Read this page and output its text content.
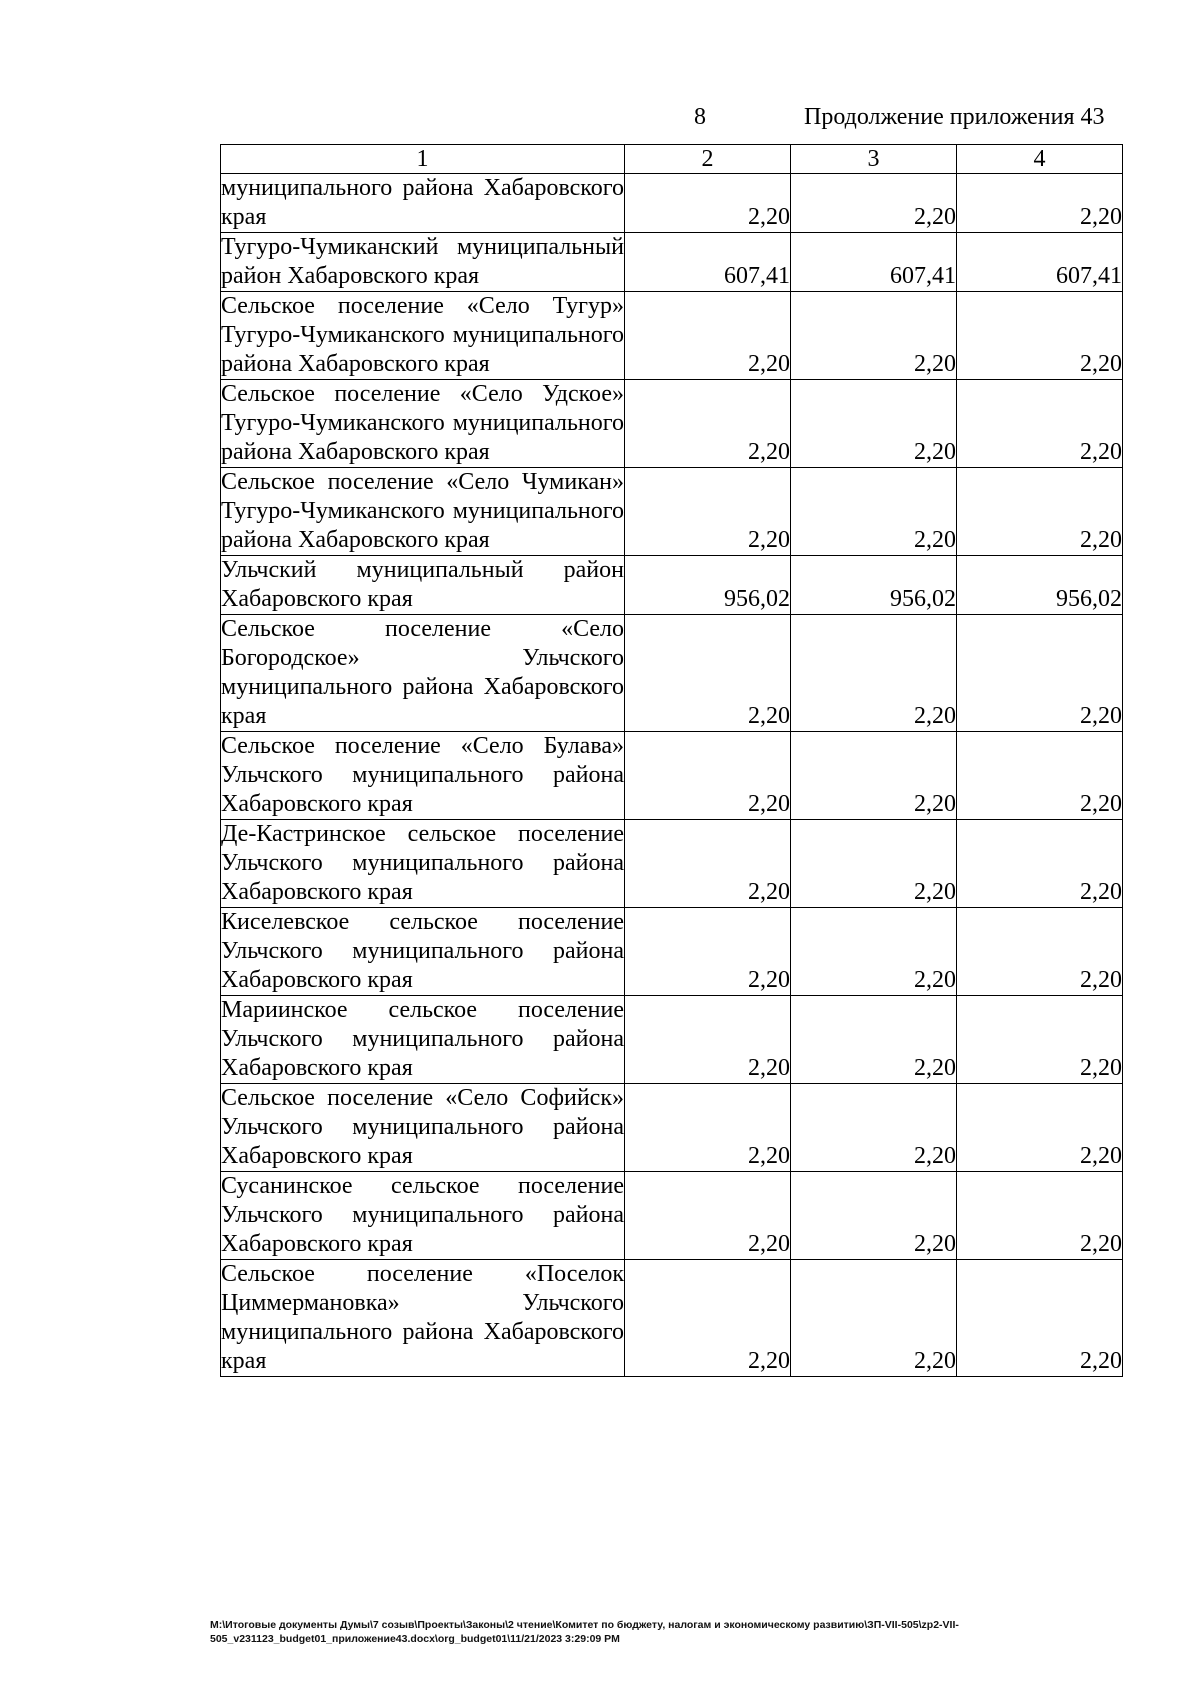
8	Продолжение приложения 43
1	2	3	4
муниципального района Хабаровского края	2,20	2,20	2,20
Тугуро-Чумиканский муниципальный район Хабаровского края	607,41	607,41	607,41
Сельское поселение «Село Тугур» Тугуро-Чумиканского муниципального района Хабаровского края	2,20	2,20	2,20
Сельское поселение «Село Удское» Тугуро-Чумиканского муниципального района Хабаровского края	2,20	2,20	2,20
Сельское поселение «Село Чумикан» Тугуро-Чумиканского муниципального района Хабаровского края	2,20	2,20	2,20
Ульчский муниципальный район Хабаровского края	956,02	956,02	956,02
Сельское поселение «Село Богородское» Ульчского муниципального района Хабаровского края	2,20	2,20	2,20
Сельское поселение «Село Булава» Ульчского муниципального района Хабаровского края	2,20	2,20	2,20
Де-Кастринское сельское поселение Ульчского муниципального района Хабаровского края	2,20	2,20	2,20
Киселевское сельское поселение Ульчского муниципального района Хабаровского края	2,20	2,20	2,20
Мариинское сельское поселение Ульчского муниципального района Хабаровского края	2,20	2,20	2,20
Сельское поселение «Село Софийск» Ульчского муниципального района Хабаровского края	2,20	2,20	2,20
Сусанинское сельское поселение Ульчского муниципального района Хабаровского края	2,20	2,20	2,20
Сельское поселение «Поселок Циммермановка» Ульчского муниципального района Хабаровского края	2,20	2,20	2,20
M:\Итоговые документы Думы\7 созыв\Проекты\Законы\2 чтение\Комитет по бюджету, налогам и экономическому развитию\ЗП-VII-505\zp2-VII-505_v231123_budget01_приложение43.docx\org_budget01\11/21/2023 3:29:09 PM
